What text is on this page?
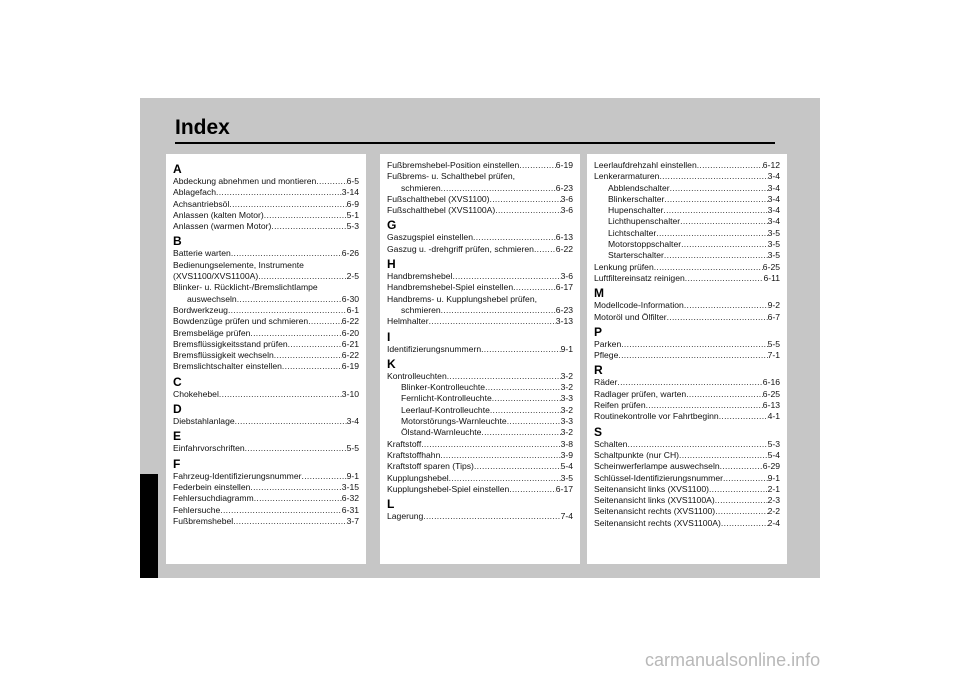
Index
A
Abdeckung abnehmen und montieren .....	6-5
Ablagefach .....	3-14
Achsantriebsöl .....	6-9
Anlassen (kalten Motor) .....	5-1
Anlassen (warmen Motor) .....	5-3
B
Batterie warten .....	6-26
Bedienungselemente, Instrumente
(XVS1100/XVS1100A) .....	2-5
Blinker- u. Rücklicht-/Bremslichtlampe
auswechseln .....	6-30
Bordwerkzeug .....	6-1
Bowdenzüge prüfen und schmieren .....	6-22
Bremsbeläge prüfen .....	6-20
Bremsflüssigkeitsstand prüfen .....	6-21
Bremsflüssigkeit wechseln .....	6-22
Bremslichtschalter einstellen .....	6-19
C
Chokehebel .....	3-10
D
Diebstahlanlage .....	3-4
E
Einfahrvorschriften .....	5-5
F
Fahrzeug-Identifizierungsnummer .....	9-1
Federbein einstellen .....	3-15
Fehlersuchdiagramm .....	6-32
Fehlersuche .....	6-31
Fußbremshebel .....	3-7
Fußbremshebel-Position einstellen .....	6-19
Fußbrems- u. Schalthebel prüfen,
schmieren .....	6-23
Fußschalthebel (XVS1100) .....	3-6
Fußschalthebel (XVS1100A) .....	3-6
G
Gaszugspiel einstellen .....	6-13
Gaszug u. -drehgriff prüfen, schmieren .....	6-22
H
Handbremshebel .....	3-6
Handbremshebel-Spiel einstellen .....	6-17
Handbrems- u. Kupplungshebel prüfen,
schmieren .....	6-23
Helmhalter .....	3-13
I
Identifizierungsnummern .....	9-1
K
Kontrolleuchten .....	3-2
Blinker-Kontrolleuchte .....	3-2
Fernlicht-Kontrolleuchte .....	3-3
Leerlauf-Kontrolleuchte .....	3-2
Motorstörungs-Warnleuchte .....	3-3
Ölstand-Warnleuchte .....	3-2
Kraftstoff .....	3-8
Kraftstoffhahn .....	3-9
Kraftstoff sparen (Tips) .....	5-4
Kupplungshebel .....	3-5
Kupplungshebel-Spiel einstellen .....	6-17
L
Lagerung .....	7-4
Leerlaufdrehzahl einstellen .....	6-12
Lenkerarmaturen .....	3-4
Abblendschalter .....	3-4
Blinkerschalter .....	3-4
Hupenschalter .....	3-4
Lichthupenschalter .....	3-4
Lichtschalter .....	3-5
Motorstoppschalter .....	3-5
Starterschalter .....	3-5
Lenkung prüfen .....	6-25
Luftfiltereinsatz reinigen .....	6-11
M
Modellcode-Information .....	9-2
Motoröl und Ölfilter .....	6-7
P
Parken .....	5-5
Pflege .....	7-1
R
Räder .....	6-16
Radlager prüfen, warten .....	6-25
Reifen prüfen .....	6-13
Routinekontrolle vor Fahrtbeginn .....	4-1
S
Schalten .....	5-3
Schaltpunkte (nur CH) .....	5-4
Scheinwerferlampe auswechseln .....	6-29
Schlüssel-Identifizierungsnummer .....	9-1
Seitenansicht links (XVS1100) .....	2-1
Seitenansicht links (XVS1100A) .....	2-3
Seitenansicht rechts (XVS1100) .....	2-2
Seitenansicht rechts (XVS1100A) .....	2-4
carmanualsonline.info
